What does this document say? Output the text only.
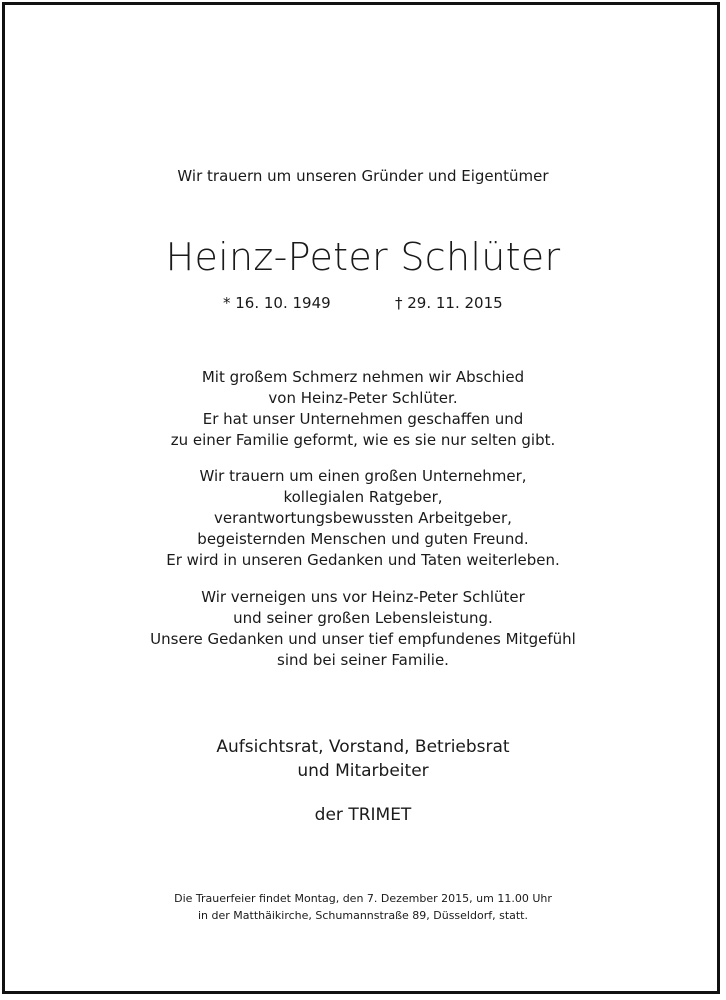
Wir trauern um unseren Gründer und Eigentümer
Heinz-Peter Schlüter
* 16. 10. 1949	† 29. 11. 2015
Mit großem Schmerz nehmen wir Abschied
von Heinz-Peter Schlüter.
Er hat unser Unternehmen geschaffen und
zu einer Familie geformt, wie es sie nur selten gibt.
Wir trauern um einen großen Unternehmer,
kollegialen Ratgeber,
verantwortungsbewussten Arbeitgeber,
begeisternden Menschen und guten Freund.
Er wird in unseren Gedanken und Taten weiterleben.
Wir verneigen uns vor Heinz-Peter Schlüter
und seiner großen Lebensleistung.
Unsere Gedanken und unser tief empfundenes Mitgefühl
sind bei seiner Familie.
Aufsichtsrat, Vorstand, Betriebsrat
und Mitarbeiter
der TRIMET
Die Trauerfeier findet Montag, den 7. Dezember 2015, um 11.00 Uhr
in der Matthäikirche, Schumannstraße 89, Düsseldorf, statt.
